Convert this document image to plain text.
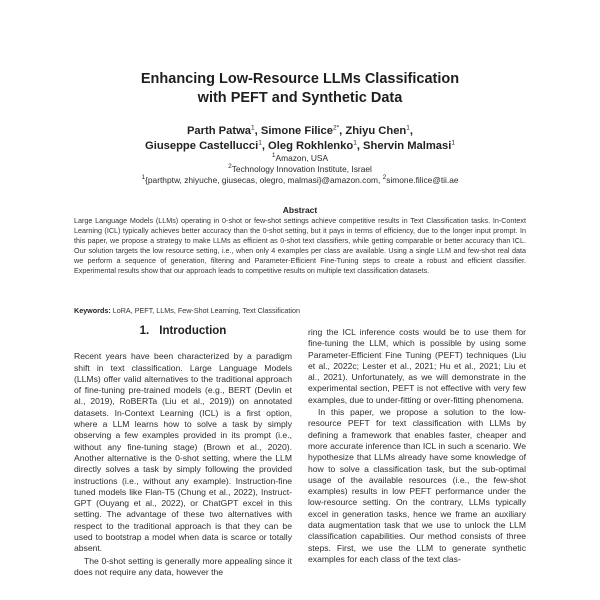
Enhancing Low-Resource LLMs Classification
with PEFT and Synthetic Data
Parth Patwa$^1$, Simone Filice$^{2*}$, Zhiyu Chen$^1$,
Giuseppe Castellucci$^1$, Oleg Rokhlenko$^1$, Shervin Malmasi$^1$
$^1$Amazon, USA
$^2$Technology Innovation Institute, Israel
$^1${parthptw, zhiyuche, giusecas, olegro, malmasi}@amazon.com, $^2$simone.filice@tii.ae
Abstract
Large Language Models (LLMs) operating in 0-shot or few-shot settings achieve competitive results in Text Classification tasks. In-Context Learning (ICL) typically achieves better accuracy than the 0-shot setting, but it pays in terms of efficiency, due to the longer input prompt. In this paper, we propose a strategy to make LLMs as efficient as 0-shot text classifiers, while getting comparable or better accuracy than ICL. Our solution targets the low resource setting, i.e., when only 4 examples per class are available. Using a single LLM and few-shot real data we perform a sequence of generation, filtering and Parameter-Efficient Fine-Tuning steps to create a robust and efficient classifier. Experimental results show that our approach leads to competitive results on multiple text classification datasets.
Keywords: LoRA, PEFT, LLMs, Few-Shot Learning, Text Classification
1. Introduction

Recent years have been characterized by a paradigm shift in text classification. Large Language Models (LLMs) offer valid alternatives to the traditional approach of fine-tuning pre-trained models (e.g., BERT (Devlin et al., 2019), RoBERTa (Liu et al., 2019)) on annotated datasets. In-Context Learning (ICL) is a first option, where a LLM learns how to solve a task by simply observing a few examples provided in its prompt (i.e., without any fine-tuning stage) (Brown et al., 2020). Another alternative is the 0-shot setting, where the LLM directly solves a task by simply following the provided instructions (i.e., without any example). Instruction-fine tuned models like Flan-T5 (Chung et al., 2022), Instruct-GPT (Ouyang et al., 2022), or ChatGPT excel in this setting. The advantage of these two alternatives with respect to the traditional approach is that they can be used to bootstrap a model when data is scarce or totally absent.

The 0-shot setting is generally more appealing since it does not require any data, however the

ring the ICL inference costs would be to use them for fine-tuning the LLM, which is possible by using some Parameter-Efficient Fine Tuning (PEFT) techniques (Liu et al., 2022c; Lester et al., 2021; Hu et al., 2021; Liu et al., 2021). Unfortunately, as we will demonstrate in the experimental section, PEFT is not effective with very few examples, due to under-fitting or over-fitting phenomena.

In this paper, we propose a solution to the low-resource PEFT for text classification with LLMs by defining a framework that enables faster, cheaper and more accurate inference than ICL in such a scenario. We hypothesize that LLMs already have some knowledge of how to solve a classification task, but the sub-optimal usage of the available resources (i.e., the few-shot examples) results in low PEFT performance under the low-resource setting. On the contrary, LLMs typically excel in generation tasks, hence we frame an auxiliary data augmentation task that we use to unlock the LLM classification capabilities. Our method consists of three steps. First, we use the LLM to generate synthetic examples for each class of the text clas-
